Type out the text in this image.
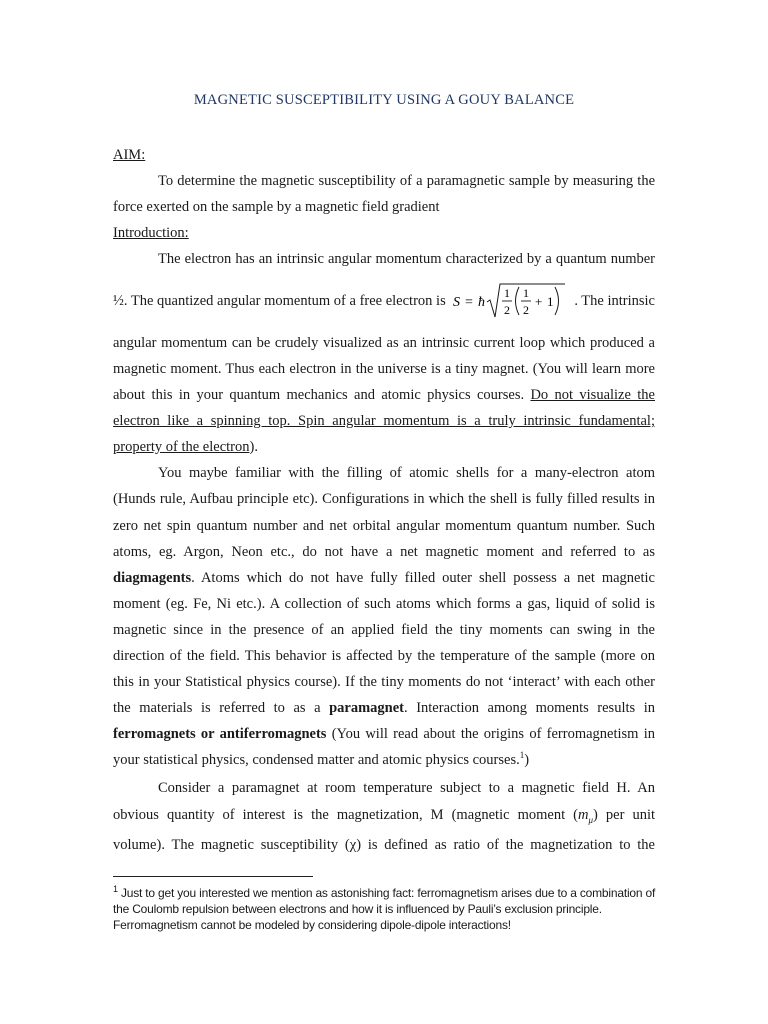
MAGNETIC SUSCEPTIBILITY USING A GOUY BALANCE
AIM:
To determine the magnetic susceptibility of a paramagnetic sample by measuring the
force exerted on the sample by a magnetic field gradient
Introduction:
The electron has an intrinsic angular momentum characterized by a quantum number
½. The quantized angular momentum of a free electron is S = ħ
1
2
1
2
+ 1 . The intrinsic
angular momentum can be crudely visualized as an intrinsic current loop which produced a
magnetic moment. Thus each electron in the universe is a tiny magnet. (You will learn more
about this in your quantum mechanics and atomic physics courses. Do not visualize the
electron like a spinning top. Spin angular momentum is a truly intrinsic fundamental;
property of the electron).
You maybe familiar with the filling of atomic shells for a many-electron atom
(Hunds rule, Aufbau principle etc). Configurations in which the shell is fully filled results in
zero net spin quantum number and net orbital angular momentum quantum number. Such
atoms, eg. Argon, Neon etc., do not have a net magnetic moment and referred to as
diagmagents. Atoms which do not have fully filled outer shell possess a net magnetic
moment (eg. Fe, Ni etc.). A collection of such atoms which forms a gas, liquid of solid is
magnetic since in the presence of an applied field the tiny moments can swing in the
direction of the field. This behavior is affected by the temperature of the sample (more on
this in your Statistical physics course). If the tiny moments do not ‘interact’ with each other
the materials is referred to as a paramagnet. Interaction among moments results in
ferromagnets or antiferromagnets (You will read about the origins of ferromagnetism in
your statistical physics, condensed matter and atomic physics courses.$^1$)
Consider a paramagnet at room temperature subject to a magnetic field H. An
obvious quantity of interest is the magnetization, M (magnetic moment $(m_\mu)$ per unit
volume). The magnetic susceptibility (χ) is defined as ratio of the magnetization to the
$^1$ Just to get you interested we mention as astonishing fact: ferromagnetism arises due to a combination of
the Coulomb repulsion between electrons and how it is influenced by Pauli’s exclusion principle.
Ferromagnetism cannot be modeled by considering dipole-dipole interactions!
